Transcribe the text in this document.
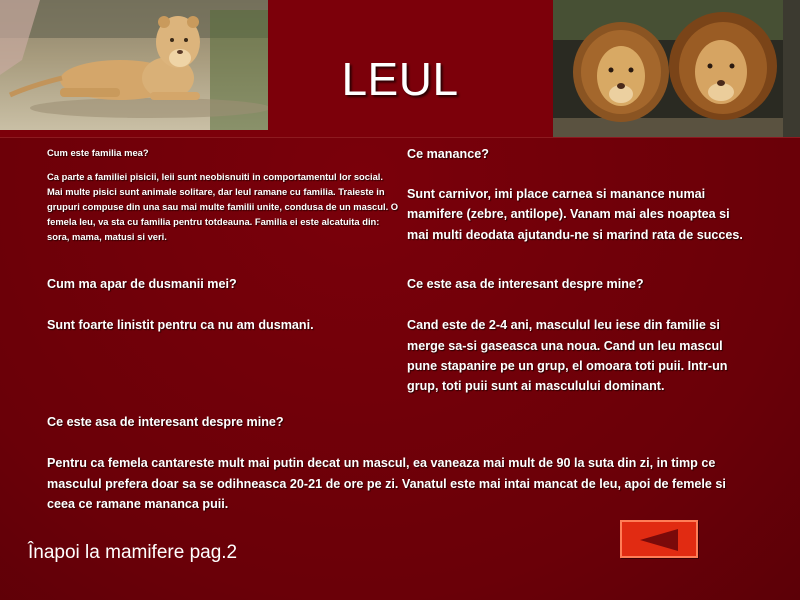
LEUL

Cum este familia mea?

Ca parte a familiei pisicii, leii sunt neobisnuiti in comportamentul lor social.

Mai multe pisici sunt animale solitare, dar leul ramane cu familia. Traieste in

grupuri compuse din una sau mai multe familii unite, condusa de un mascul. O

femela leu, va sta cu familia pentru totdeauna. Familia ei este alcatuita din:

sora, mama, matusi si veri.

Ce manance?

Sunt carnivor, imi place carnea si manance numai

mamifere (zebre, antilope). Vanam mai ales noaptea si

mai multi deodata ajutandu-ne si marind rata de succes.

Cum ma apar de dusmanii mei?

Sunt foarte linistit pentru ca nu am dusmani.

Ce este asa de interesant despre mine?

Cand este de 2-4 ani, masculul leu iese din familie si

merge sa-si gaseasca una noua. Cand un leu mascul

pune stapanire pe un grup, el omoara toti puii. Intr-un

grup, toti puii sunt ai masculului dominant.

Ce este asa de interesant despre mine?

Pentru ca femela cantareste mult mai putin decat un mascul, ea vaneaza mai mult de 90 la suta din zi, in timp ce

masculul prefera doar sa se odihneasca 20-21 de ore pe zi. Vanatul este mai intai mancat de leu, apoi de femele si

ceea ce ramane mananca puii.

Înapoi la mamifere pag.2
